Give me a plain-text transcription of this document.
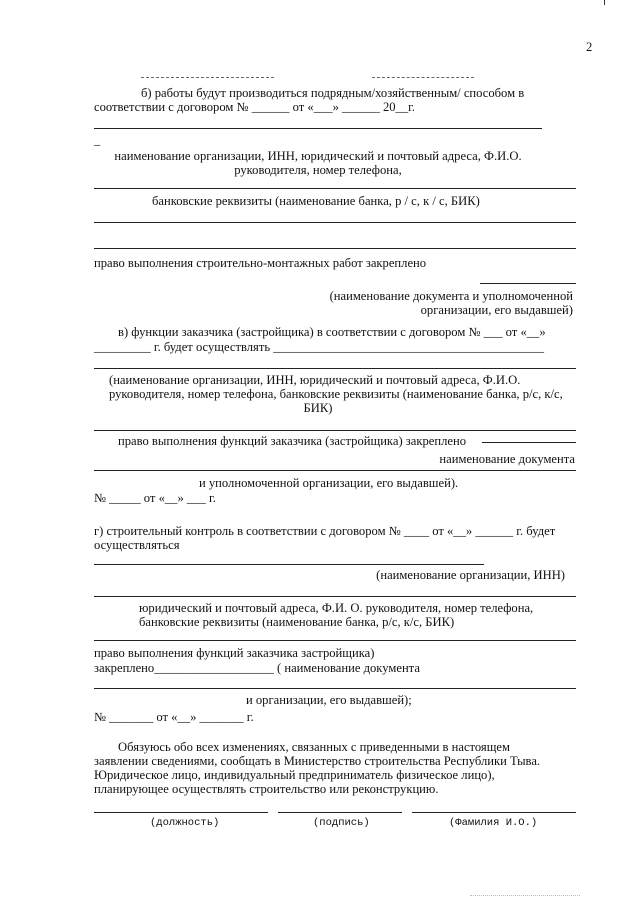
2
б) работы будут производиться подрядным/хозяйственным/ способом в
соответствии с договором № ______ от «___» ______ 20__г.
_
наименование организации, ИНН, юридический и почтовый адреса, Ф.И.О.
руководителя, номер телефона,
банковские реквизиты (наименование банка, р / с, к / с, БИК)
право выполнения строительно-монтажных работ закреплено
(наименование документа и уполномоченной
организации, его выдавшей)
в) функции заказчика (застройщика) в соответствии с договором № ___ от «__»
_________ г. будет осуществлять ___________________________________________
(наименование организации, ИНН, юридический и почтовый адреса, Ф.И.О.
руководителя, номер телефона, банковские реквизиты (наименование банка, р/с, к/с,
БИК)
право выполнения функций заказчика (застройщика) закреплено
наименование документа
и уполномоченной организации, его выдавшей).
№ _____ от «__» ___ г.
г) строительный контроль в соответствии с договором № ____ от «__» ______ г. будет
осуществляться
(наименование организации, ИНН)
юридический и почтовый адреса, Ф.И. О. руководителя, номер телефона,
банковские реквизиты (наименование банка, р/с, к/с, БИК)
право выполнения функций заказчика застройщика)
закреплено___________________ ( наименование документа
и организации, его выдавшей);
№ _______ от «__» _______ г.
Обязуюсь обо всех изменениях, связанных с приведенными в настоящем
заявлении сведениями, сообщать в Министерство строительства Республики Тыва.
Юридическое лицо, индивидуальный предприниматель физическое лицо),
планирующее осуществлять строительство или реконструкцию.
(должность)	(подпись)	(Фамилия И.О.)
